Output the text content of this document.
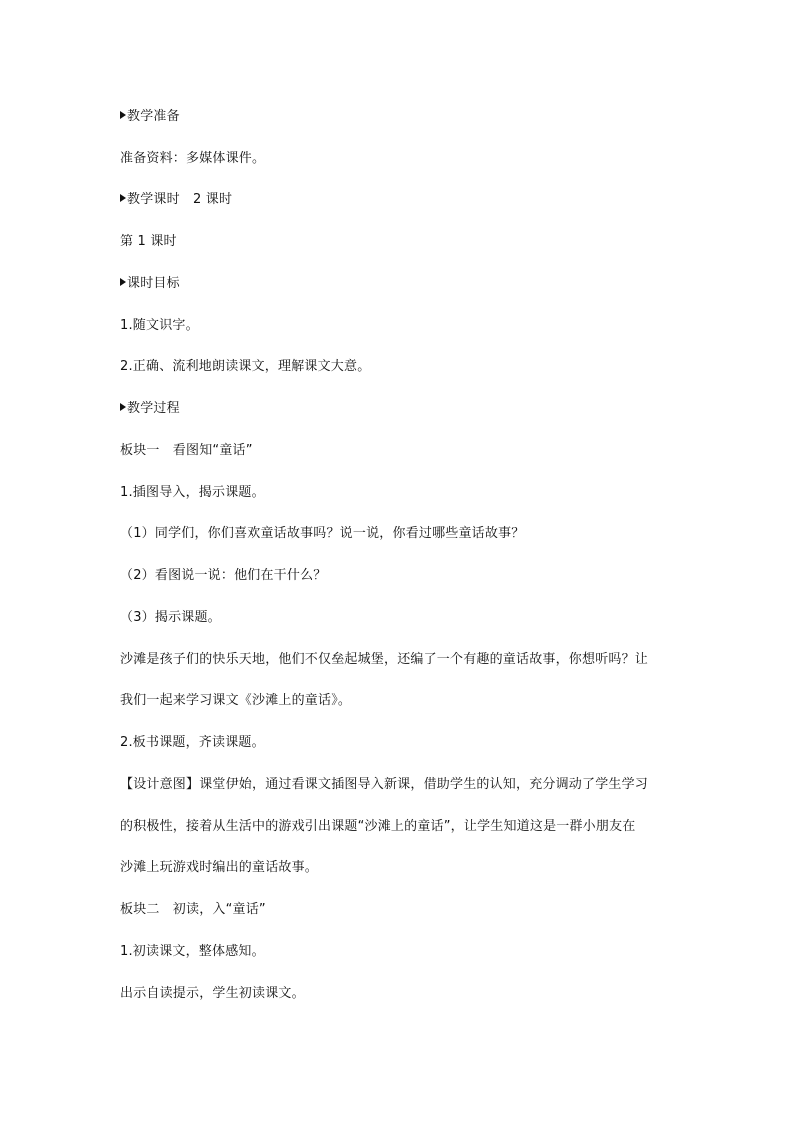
教学准备
准备资料：多媒体课件。
教学课时　2 课时
第 1 课时
课时目标
1.随文识字。
2.正确、流利地朗读课文，理解课文大意。
教学过程
板块一　看图知“童话”
1.插图导入，揭示课题。
（1）同学们，你们喜欢童话故事吗？说一说，你看过哪些童话故事？
（2）看图说一说：他们在干什么？
（3）揭示课题。
沙滩是孩子们的快乐天地，他们不仅垒起城堡，还编了一个有趣的童话故事，你想听吗？让
我们一起来学习课文《沙滩上的童话》。
2.板书课题，齐读课题。
【设计意图】课堂伊始，通过看课文插图导入新课，借助学生的认知，充分调动了学生学习
的积极性，接着从生活中的游戏引出课题“沙滩上的童话”，让学生知道这是一群小朋友在
沙滩上玩游戏时编出的童话故事。
板块二　初读，入“童话”
1.初读课文，整体感知。
出示自读提示，学生初读课文。
